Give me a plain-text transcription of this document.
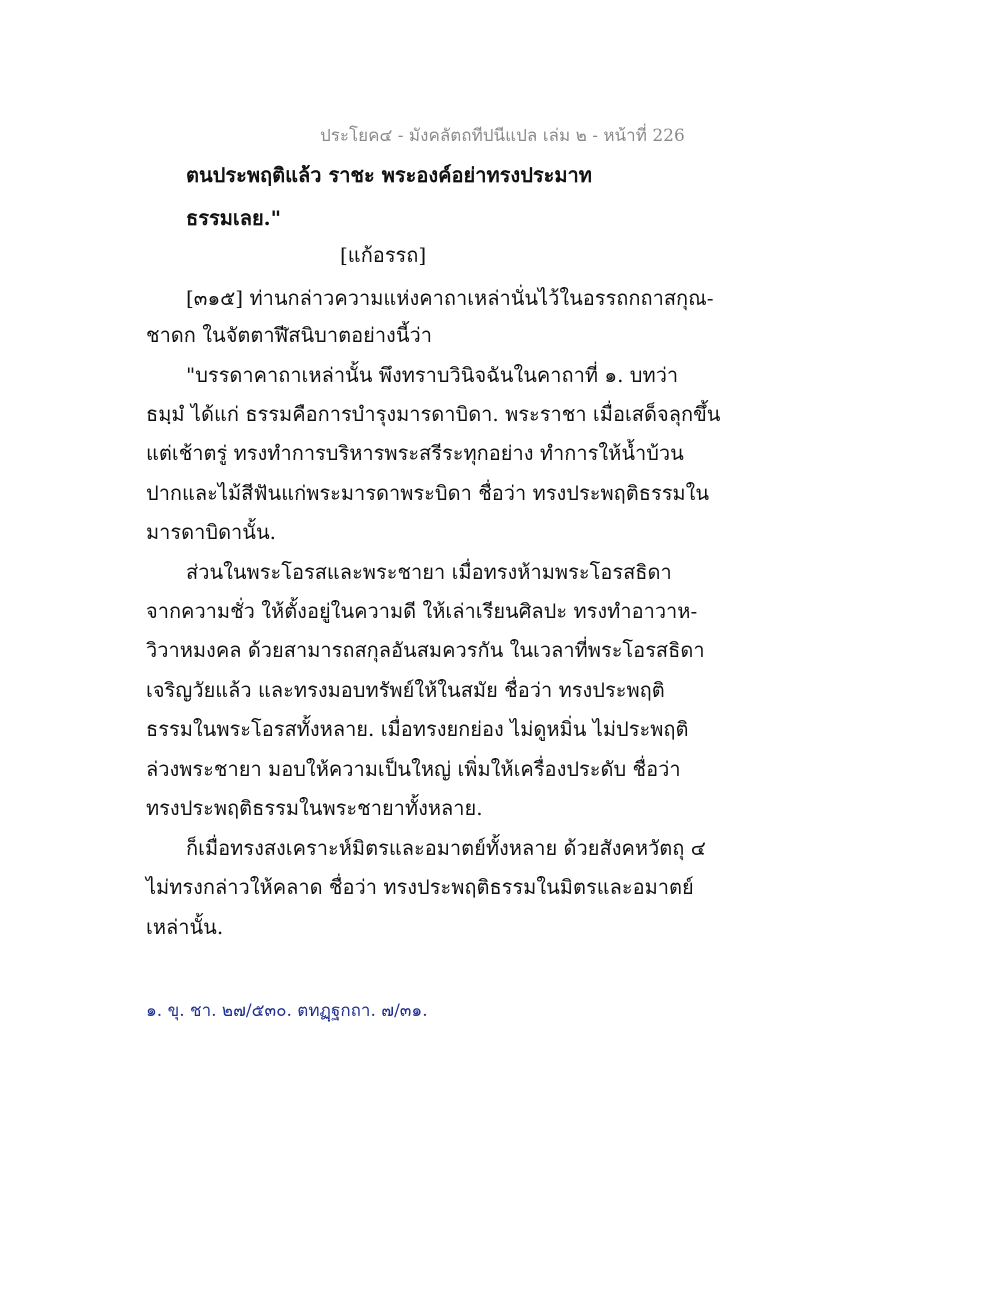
ประโยค๔ - มังคลัตถทีปนีแปล เล่ม ๒ - หน้าที่ 226
ตนประพฤติแล้ว ราชะ พระองค์อย่าทรงประมาท
ธรรมเลย."
[แก้อรรถ]
[๓๑๕] ท่านกล่าวความแห่งคาถาเหล่านั่นไว้ในอรรถกถาสกุณ-
ชาดก ในจัตตาฬีสนิบาตอย่างนี้ว่า
"บรรดาคาถาเหล่านั้น พึงทราบวินิจฉันในคาถาที่ ๑. บทว่า
ธมฺมํ ได้แก่ ธรรมคือการบำรุงมารดาบิดา. พระราชา เมื่อเสด็จลุกขึ้น
แต่เช้าตรู่ ทรงทำการบริหารพระสรีระทุกอย่าง ทำการให้น้ำบ้วน
ปากและไม้สีฟันแก่พระมารดาพระบิดา ชื่อว่า ทรงประพฤติธรรมใน
มารดาบิดานั้น.
ส่วนในพระโอรสและพระชายา เมื่อทรงห้ามพระโอรสธิดา
จากความชั่ว ให้ตั้งอยู่ในความดี ให้เล่าเรียนศิลปะ ทรงทำอาวาห-
วิวาหมงคล ด้วยสามารถสกุลอันสมควรกัน ในเวลาที่พระโอรสธิดา
เจริญวัยแล้ว และทรงมอบทรัพย์ให้ในสมัย ชื่อว่า ทรงประพฤติ
ธรรมในพระโอรสทั้งหลาย. เมื่อทรงยกย่อง ไม่ดูหมิ่น ไม่ประพฤติ
ล่วงพระชายา มอบให้ความเป็นใหญ่ เพิ่มให้เครื่องประดับ ชื่อว่า
ทรงประพฤติธรรมในพระชายาทั้งหลาย.
ก็เมื่อทรงสงเคราะห์มิตรและอมาตย์ทั้งหลาย ด้วยสังคหวัตถุ ๔
ไม่ทรงกล่าวให้คลาด ชื่อว่า ทรงประพฤติธรรมในมิตรและอมาตย์
เหล่านั้น.
๑. ขุ. ชา. ๒๗/๕๓๐. ตทฏฺฐกถา. ๗/๓๑.
